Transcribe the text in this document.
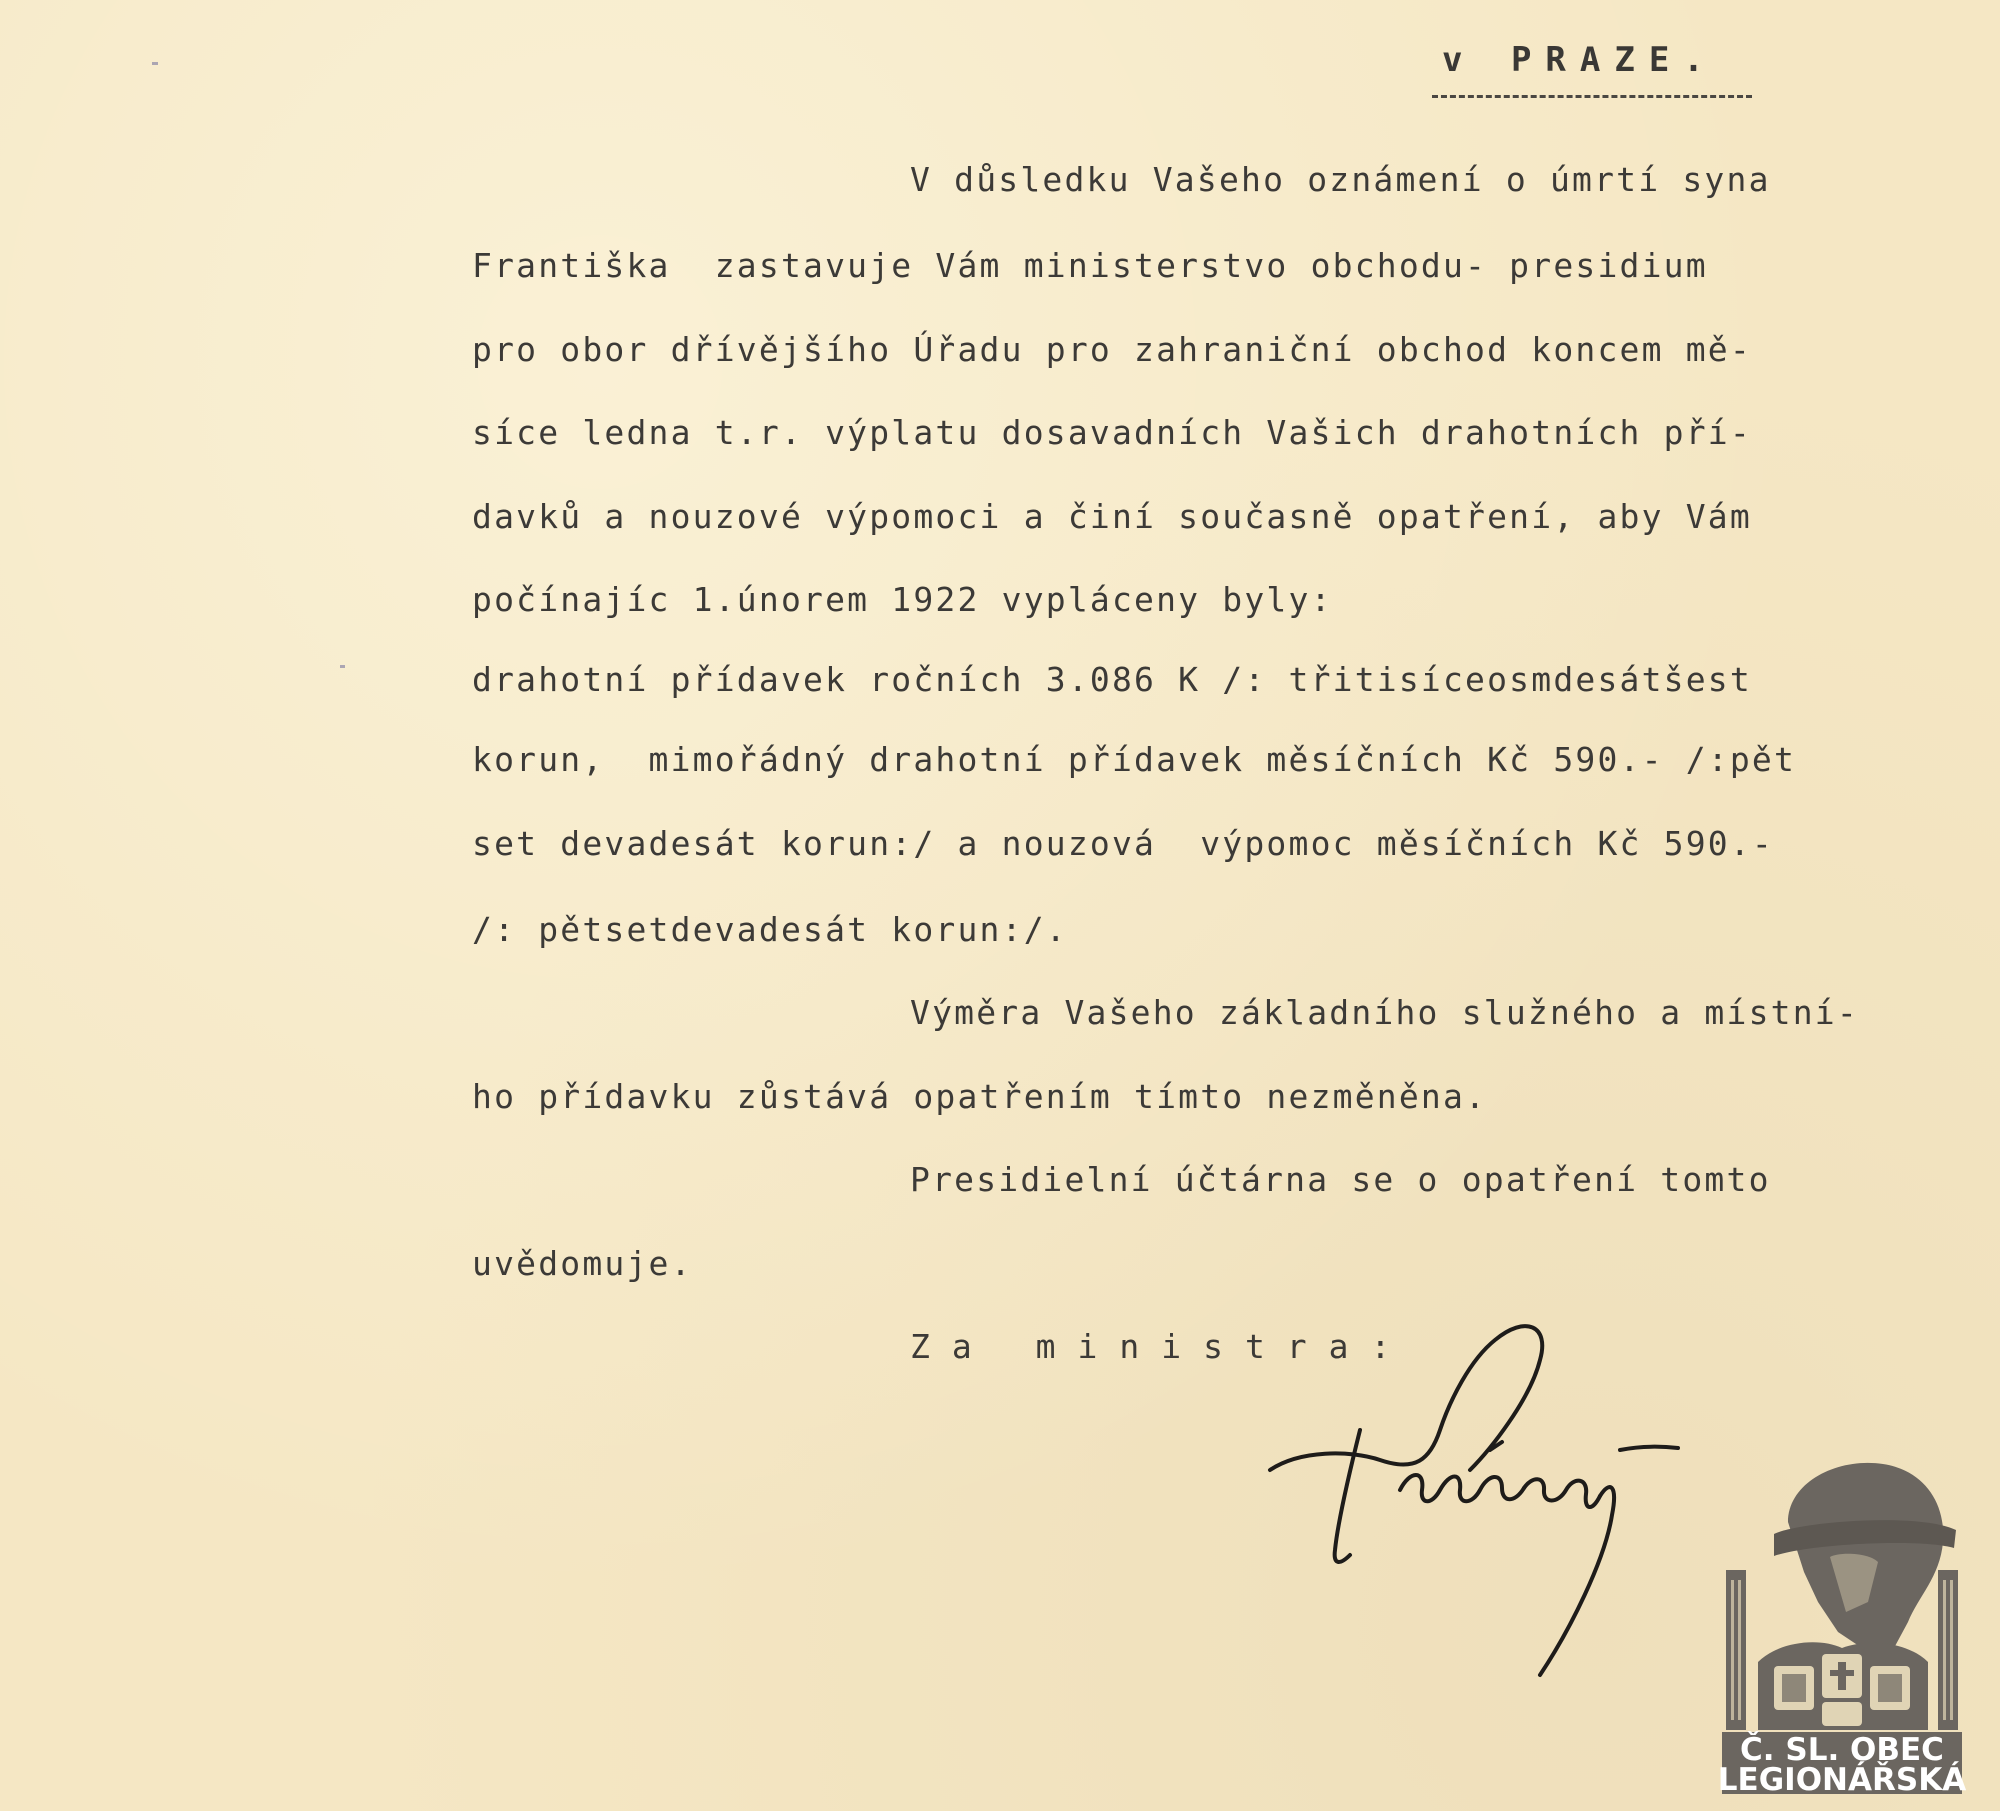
v PRAZE.
V důsledku Vašeho oznámení o úmrtí syna
Františka  zastavuje Vám ministerstvo obchodu- presidium
pro obor dřívějšího Úřadu pro zahraniční obchod koncem mě-
síce ledna t.r. výplatu dosavadních Vašich drahotních pří-
davků a nouzové výpomoci a činí současně opatření, aby Vám
počínajíc 1.únorem 1922 vypláceny byly:
drahotní přídavek ročních 3.086 K /: třitisíceosmdesátšest
korun,  mimořádný drahotní přídavek měsíčních Kč 590.- /:pět
set devadesát korun:/ a nouzová  výpomoc měsíčních Kč 590.-
/: pětsetdevadesát korun:/.
Výměra Vašeho základního služného a místní-
ho přídavku zůstává opatřením tímto nezměněna.
Presidielní účtárna se o opatření tomto
uvědomuje.
Za ministra:
Č. SL. OBEC
LEGIONÁŘSKÁ
